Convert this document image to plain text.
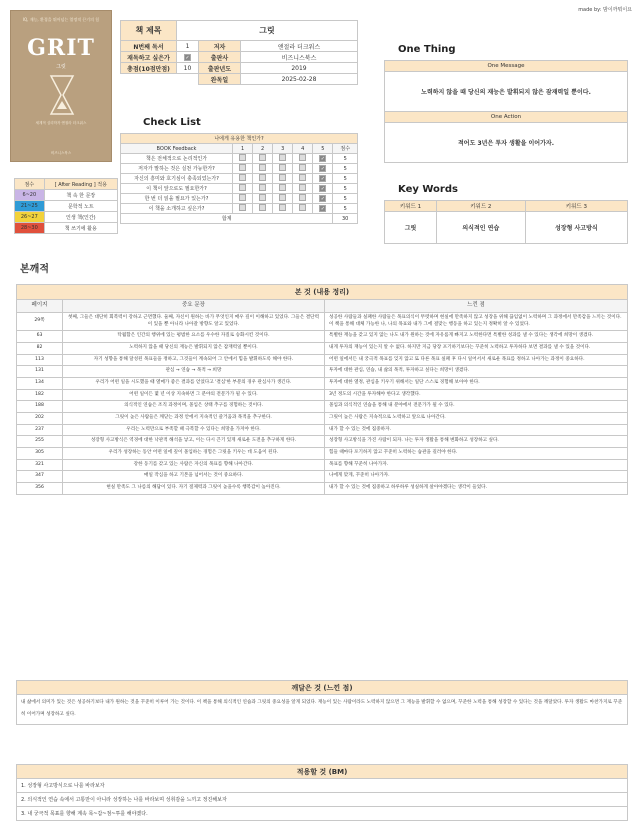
made by: 밤이까뭐이요
IQ, 재능, 환경을 뛰어넘는 열정적 끈기의 힘
GRIT
그릿
세계적 심리학자 앤절라 더크워스
비즈니스북스
책 제목	그릿		
N번째 독서	1	저자	앤절라 더크워스
재독하고 싶은가	✓	출판사	비즈니스북스
총점(10점만점)	10	출판년도	2019
		완독일	2025-02-28
One Thing
One Message
노력하지 않을 때 당신의 재능은 발휘되지 않은 잠재력일 뿐이다.
One Action
적어도 3년은 투자 생활을 이어가자.
Check List
나에게 유용한 책인가?						
BOOK Feedback	1	2	3	4	5	점수
책은 전체적으로 논리적인가					✓	5
저자가 말하는 것은 실천 가능한가?					✓	5
자신의 흥미와 호기심이 충족되었는가?					✓	5
이 책이 앞으로도 필요한가?					✓	5
한 번 더 읽을 필요가 있는가?					✓	5
이 책을 소개하고 싶은가?					✓	5
합계						30
점수	[ After Reading ] 적용
6~20	책 속 한 문장
21~25	문학적 노트
26~27	인생 책(인간)
28~30	책 쓰기에 활용
Key Words
키워드 1	키워드 2	키워드 3
그릿	의식적인 연습	성장형 사고방식
본깨적
본 것 (내용 정리)		
페이지	중요 문장	느낀 점
29쪽	첫째, 그들은 대단히 회복력이 강하고 근면했다. 둘째, 자신이 원하는 바가 무엇인지 매우 깊이 이해하고 있었다. 그들은 결단력이 있을 뿐 아니라 나아갈 방향도 알고 있었다.	성공한 사람들과 실패한 사람들은 목표의식이 뚜렷하며 현실에 만족하지 않고 성장을 위해 끊임없이 노력하며 그 과정에서 만족감을 느끼는 것이다. 이 책을 통해 대체 가능한 나, 나의 목표와 내가 그에 걸맞는 행동을 하고 있는지 정확히 알 수 있었다.
63	탁월함은 인간의 행위에 있는 평범한 요소를 우수한 자질로 승화시킨 것이다.	특별한 재능을 갖고 있지 않는 나도 내가 원하는 것에 자유롭게 빠지고 노력한다면 특별한 성과를 낼 수 있다는 생각에 희망이 생겼다.
82	노력하지 않을 때 당신의 재능은 발휘되지 않은 잠재력일 뿐이다.	내게 투자의 재능이 있는지 알 수 없다. 하지만 지금 당장 포기하기보다는 꾸준히 노력하고 투자하다 보면 결과를 낼 수 있을 것이다.
113	자기 성향을 통해 달성된 목표들을 정하고, 그것들이 계속되어 그 안에서 힘을 발휘하도록 해야 한다.	어떤 일에서든 내 궁극적 목표를 잊지 않고 또 다른 목표 실패 후 다시 일어서서 새로운 목표를 정하고 나아가는 과정이 중요하다.
131	관심 → 연습 → 목적 → 희망	투자에 대한 관심, 연습, 내 삶의 목적, 투자하고 싶다는 희망이 생겼다.
134	우리가 어떤 일을 시도했을 때 열매가 좋은 결과를 얻었다고 '결심'한 부분의 경우 관심사가 생긴다.	투자에 대한 열정, 관심을 키우기 위해서는 일단 스스로 경험해 보아야 한다.
182	어떤 일이든 몇 년 이상 지속하면 그 분야의 전문가가 될 수 있다.	3년 정도의 시간을 투자해야 한다고 생각했다.
188	의식적인 연습은 조직 과정이며, 몰입은 상태 추구를 경험하는 것이다.	몰입과 의식적인 연습을 통해 내 분야에서 전문가가 될 수 있다.
202	그릿이 높은 사람들은 깨닫는 과정 안에서 지속적인 즐거움과 목적을 추구한다.	그릿이 높은 사람은 지속적으로 노력하고 앞으로 나아간다.
237	우리는 노력만으로 부족할 때 극복할 수 있다는 희망을 가져야 한다.	내가 할 수 있는 것에 집중하자.
255	성장형 사고방식은 역경에 대한 낙관적 해석을 낳고, 이는 다시 끈기 있게 새로운 도전을 추구하게 한다.	성장형 사고방식을 가진 사람이 되자. 나는 투자 생활을 통해 변화하고 성장하고 싶다.
305	우리가 성장하는 동안 어떤 일에 깊이 몰입하는 경험은 그릿을 키우는 데 도움이 된다.	힘들 때마다 포기하지 않고 꾸준히 노력하는 습관을 길러야 한다.
321	강한 동기를 갖고 있는 사람은 자신의 목표를 향해 나아간다.	목표를 향해 꾸준히 나아가자.
347	매일 작심을 하고 기본을 넘어서는 것이 중요하다.	나에게 맞게, 꾸준히 나아가자.
356	현실 만족도 그 나름의 해답이 있다. 자기 절제력과 그릿이 높을수록 행복감이 높아진다.	내가 할 수 있는 것에 집중하고 하루하루 성실하게 살아야겠다는 생각이 들었다.
깨달은 것 (느낀 점)
내 삶에서 의미가 있는 것은 성공하기보다 내가 원하는 것을 꾸준히 이루어 가는 것이다. 이 책을 통해 의식적인 연습과 그릿의 중요성을 알게 되었다. 재능이 있는 사람이라도 노력하지 않으면 그 재능을 발휘할 수 없으며, 꾸준한 노력을 통해 성장할 수 있다는 것을 깨달았다. 투자 생활도 마찬가지로 꾸준히 이어가며 성장하고 싶다.
적용할 것 (BM)
1. 성장형 사고방식으로 나를 바라보자
2. 의식적인 연습 속에서 고통만이 아니라 성장하는 나를 바라보며 성취감을 느끼고 정진해보자
3. 내 궁극적 목표를 향해 계속 목~갑~점~투를 해야겠다.
